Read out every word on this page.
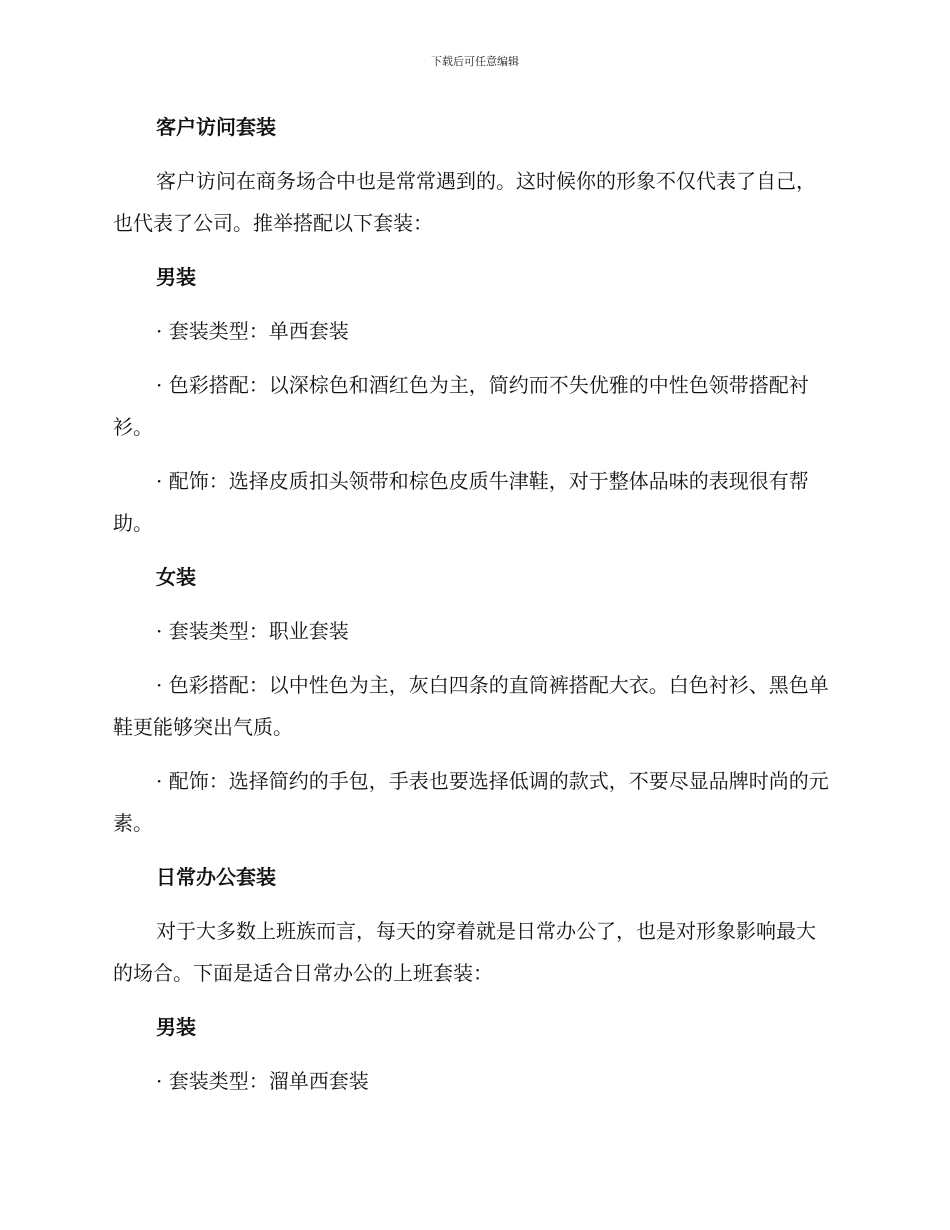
下载后可任意编辑
客户访问套装

客户访问在商务场合中也是常常遇到的。这时候你的形象不仅代表了自己，也代表了公司。推举搭配以下套装：

男装

· 套装类型：单西套装

· 色彩搭配：以深棕色和酒红色为主，简约而不失优雅的中性色领带搭配衬衫。

· 配饰：选择皮质扣头领带和棕色皮质牛津鞋，对于整体品味的表现很有帮助。

女装

· 套装类型：职业套装

· 色彩搭配：以中性色为主，灰白四条的直筒裤搭配大衣。白色衬衫、黑色单鞋更能够突出气质。

· 配饰：选择简约的手包，手表也要选择低调的款式，不要尽显品牌时尚的元素。

日常办公套装

对于大多数上班族而言，每天的穿着就是日常办公了，也是对形象影响最大的场合。下面是适合日常办公的上班套装：

男装

· 套装类型：溜单西套装
